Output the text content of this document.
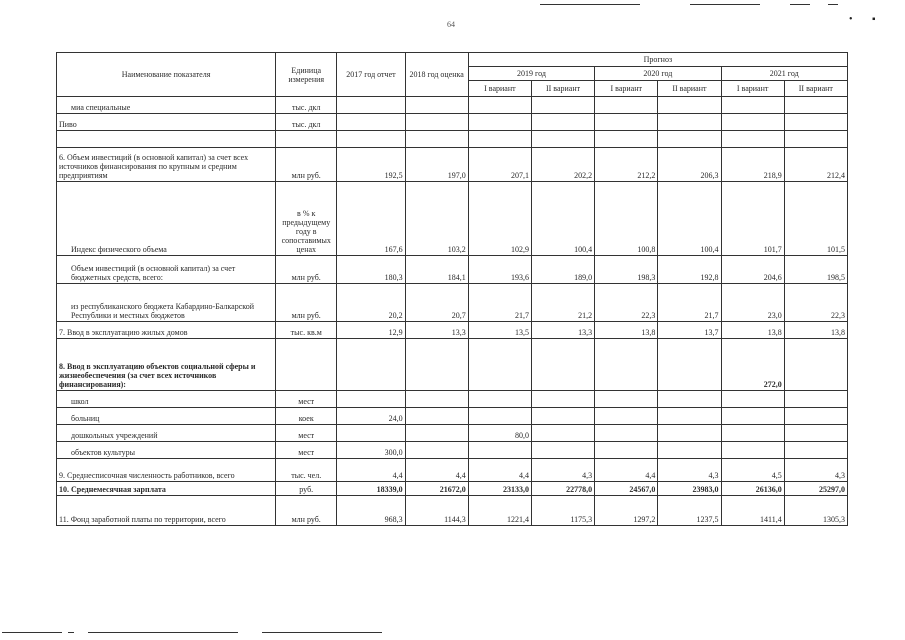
64	• ▪
Наименование показателя	Единица измерения	2017 год отчет	2018 год оценка	Прогноз					
				2019 год		2020 год		2021 год	
				I вариант	II вариант	I вариант	II вариант	I вариант	II вариант
миа специальные	тыс. дкл								
Пиво	тыс. дкл								

6. Объем инвестиций (в основной капитал) за счет всех источников финансирования по крупным и средним предприятиям	млн руб.	192,5	197,0	207,1	202,2	212,2	206,3	218,9	212,4
Индекс физического объема	в % к предыдущему году в сопоставимых ценах	167,6	103,2	102,9	100,4	100,8	100,4	101,7	101,5
Объем инвестиций (в основной капитал) за счет бюджетных средств, всего:	млн руб.	180,3	184,1	193,6	189,0	198,3	192,8	204,6	198,5
из республиканского бюджета Кабардино-Балкарской Республики и местных бюджетов	млн руб.	20,2	20,7	21,7	21,2	22,3	21,7	23,0	22,3
7. Ввод в эксплуатацию жилых домов	тыс. кв.м	12,9	13,3	13,5	13,3	13,8	13,7	13,8	13,8
8. Ввод в эксплуатацию объектов социальной сферы и жизнеобеспечения (за счет всех источников финансирования):								272,0	
школ	мест								
больниц	коек	24,0							
дошкольных учреждений	мест			80,0					
объектов культуры	мест	300,0							
9. Среднесписочная численность работников, всего	тыс. чел.	4,4	4,4	4,4	4,3	4,4	4,3	4,5	4,3
10. Среднемесячная зарплата	руб.	18339,0	21672,0	23133,0	22778,0	24567,0	23983,0	26136,0	25297,0
11. Фонд заработной платы по территории, всего	млн руб.	968,3	1144,3	1221,4	1175,3	1297,2	1237,5	1411,4	1305,3
